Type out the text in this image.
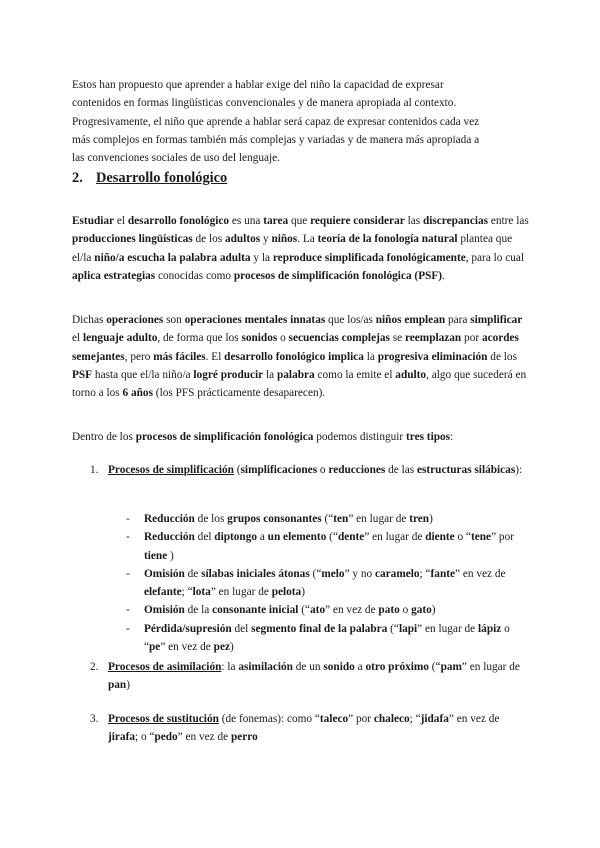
Estos han propuesto que aprender a hablar exige del niño la capacidad de expresar

contenidos en formas lingüísticas convencionales y de manera apropiada al contexto.

Progresivamente, el niño que aprende a hablar será capaz de expresar contenidos cada vez

más complejos en formas también más complejas y variadas y de manera más apropiada a

las convenciones sociales de uso del lenguaje.

2. Desarrollo fonológico

Estudiar el desarrollo fonológico es una tarea que requiere considerar las discrepancias entre las producciones lingüísticas de los adultos y niños. La teoría de la fonología natural plantea que el/la niño/a escucha la palabra adulta y la reproduce simplificada fonológicamente, para lo cual aplica estrategias conocidas como procesos de simplificación fonológica (PSF).

Dichas operaciones son operaciones mentales innatas que los/as niños emplean para simplificar el lenguaje adulto, de forma que los sonidos o secuencias complejas se reemplazan por acordes semejantes, pero más fáciles. El desarrollo fonológico implica la progresiva eliminación de los PSF hasta que el/la niño/a logré producir la palabra como la emite el adulto, algo que sucederá en torno a los 6 años (los PFS prácticamente desaparecen).

Dentro de los procesos de simplificación fonológica podemos distinguir tres tipos:

1. Procesos de simplificación (simplificaciones o reducciones de las estructuras silábicas):
- Reducción de los grupos consonantes (“ten” en lugar de tren)
- Reducción del diptongo a un elemento (“dente” en lugar de diente o “tene” por tiene )
- Omisión de sílabas iniciales átonas (“melo” y no caramelo; “fante” en vez de elefante; “lota” en lugar de pelota)
- Omisión de la consonante inicial (“ato” en vez de pato o gato)
- Pérdida/supresión del segmento final de la palabra (“lapi” en lugar de lápiz o “pe” en vez de pez)
2. Procesos de asimilación: la asimilación de un sonido a otro próximo (“pam” en lugar de pan)
3. Procesos de sustitución (de fonemas): como “taleco” por chaleco; “jidafa” en vez de jirafa; o “pedo” en vez de perro
